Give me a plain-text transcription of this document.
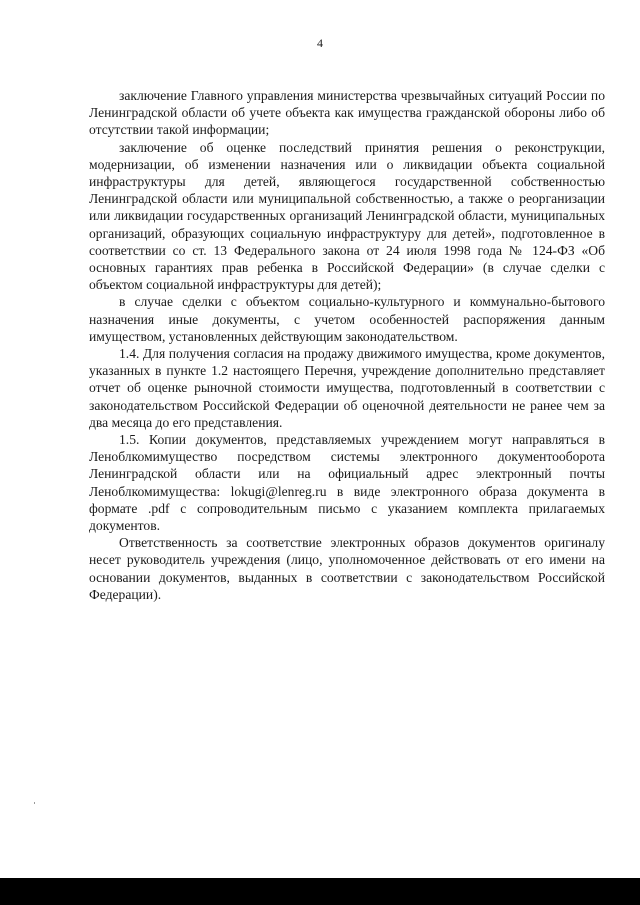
4

заключение Главного управления министерства чрезвычайных ситуаций России по Ленинградской области об учете объекта как имущества гражданской обороны либо об отсутствии такой информации;

заключение об оценке последствий принятия решения о реконструкции, модернизации, об изменении назначения или о ликвидации объекта социальной инфраструктуры для детей, являющегося государственной собственностью Ленинградской области или муниципальной собственностью, а также о реорганизации или ликвидации государственных организаций Ленинградской области, муниципальных организаций, образующих социальную инфраструктуру для детей», подготовленное в соответствии со ст. 13 Федерального закона от 24 июля 1998 года № 124-ФЗ «Об основных гарантиях прав ребенка в Российской Федерации» (в случае сделки с объектом социальной инфраструктуры для детей);

в случае сделки с объектом социально-культурного и коммунально-бытового назначения иные документы, с учетом особенностей распоряжения данным имуществом, установленных действующим законодательством.

1.4. Для получения согласия на продажу движимого имущества, кроме документов, указанных в пункте 1.2 настоящего Перечня, учреждение дополнительно представляет отчет об оценке рыночной стоимости имущества, подготовленный в соответствии с законодательством Российской Федерации об оценочной деятельности не ранее чем за два месяца до его представления.

1.5. Копии документов, представляемых учреждением могут направляться в Леноблкомимущество посредством системы электронного документооборота Ленинградской области или на официальный адрес электронный почты Леноблкомимущества: lokugi@lenreg.ru в виде электронного образа документа в формате .pdf с сопроводительным письмо с указанием комплекта прилагаемых документов.

Ответственность за соответствие электронных образов документов оригиналу несет руководитель учреждения (лицо, уполномоченное действовать от его имени на основании документов, выданных в соответствии с законодательством Российской Федерации).
